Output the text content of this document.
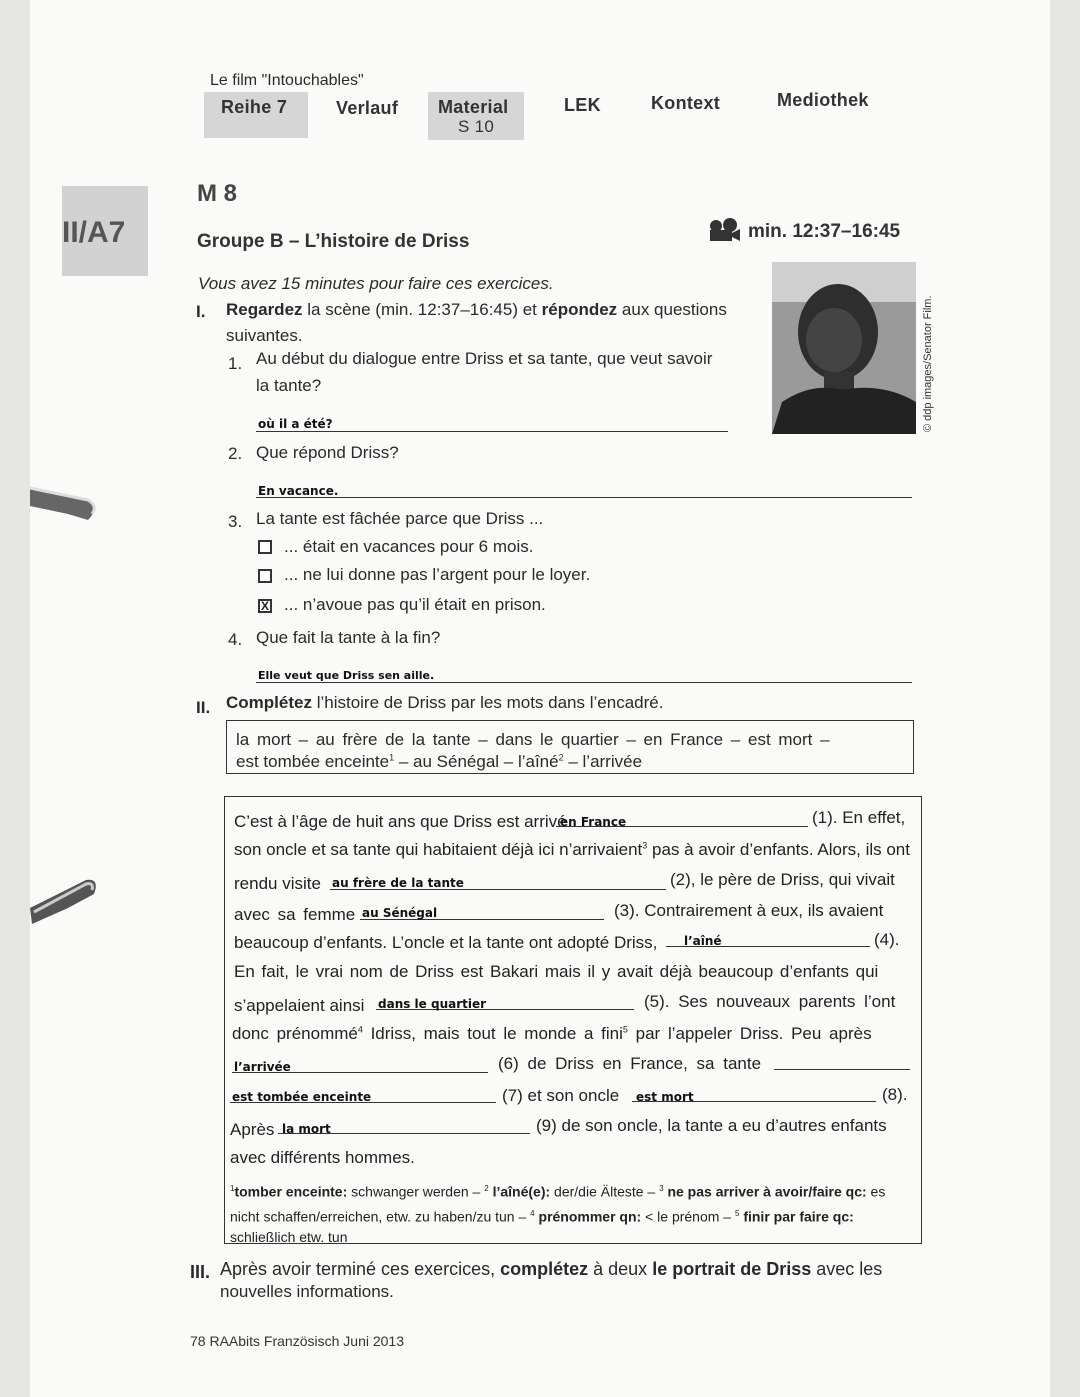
Le film "Intouchables"
Reihe 7	Verlauf Material
S 10
LEK	Kontext	Mediothek
II/A7
M 8
Groupe B – L’histoire de Driss	min. 12:37–16:45
© ddp images/Senator Film.
Vous avez 15 minutes pour faire ces exercices.
I. Regardez la scène (min. 12:37–16:45) et répondez aux questions
suivantes.
1. Au début du dialogue entre Driss et sa tante, que veut savoir
la tante?
où il a été?
2. Que répond Driss?
En vacance.
3. La tante est fâchée parce que Driss ...
... était en vacances pour 6 mois.
... ne lui donne pas l’argent pour le loyer.
X ... n’avoue pas qu’il était en prison.
4. Que fait la tante à la fin?
Elle veut que Driss sen aille.
II. Complétez l’histoire de Driss par les mots dans l’encadré.
la mort – au frère de la tante – dans le quartier – en France – est mort –
est tombée enceinte$^1$ – au Sénégal – l’aîné$^2$ – l’arrivée
C’est à l’âge de huit ans que Driss est arrivé
en France	(1). En effet,
son oncle et sa tante qui habitaient déjà ici n’arrivaient$^3$ pas à avoir d’enfants. Alors, ils ont
rendu visite au frère de la tante	(2), le père de Driss, qui vivait
avec sa femme au Sénégal	(3). Contrairement à eux, ils avaient
beaucoup d’enfants. L’oncle et la tante ont adopté Driss, l’aîné	(4).
En fait, le vrai nom de Driss est Bakari mais il y avait déjà beaucoup d’enfants qui
s’appelaient ainsi dans le quartier	(5). Ses nouveaux parents l’ont
donc prénommé$^4$ Idriss, mais tout le monde a fini$^5$ par l’appeler Driss. Peu après
l’arrivée	(6) de Driss en France, sa tante
est tombée enceinte	(7) et son oncle est mort	(8).
Après la mort	(9) de son oncle, la tante a eu d’autres enfants
avec différents hommes.
$^1$tomber enceinte: schwanger werden – $^2$ l’aîné(e): der/die Älteste – $^3$ ne pas arriver à avoir/faire qc: es nicht schaffen/erreichen, etw. zu haben/zu tun – $^4$ prénommer qn: < le prénom – $^5$ finir par faire qc: schließlich etw. tun
III. Après avoir terminé ces exercices, complétez à deux le portrait de Driss avec les
nouvelles informations.
78 RAAbits Französisch Juni 2013
